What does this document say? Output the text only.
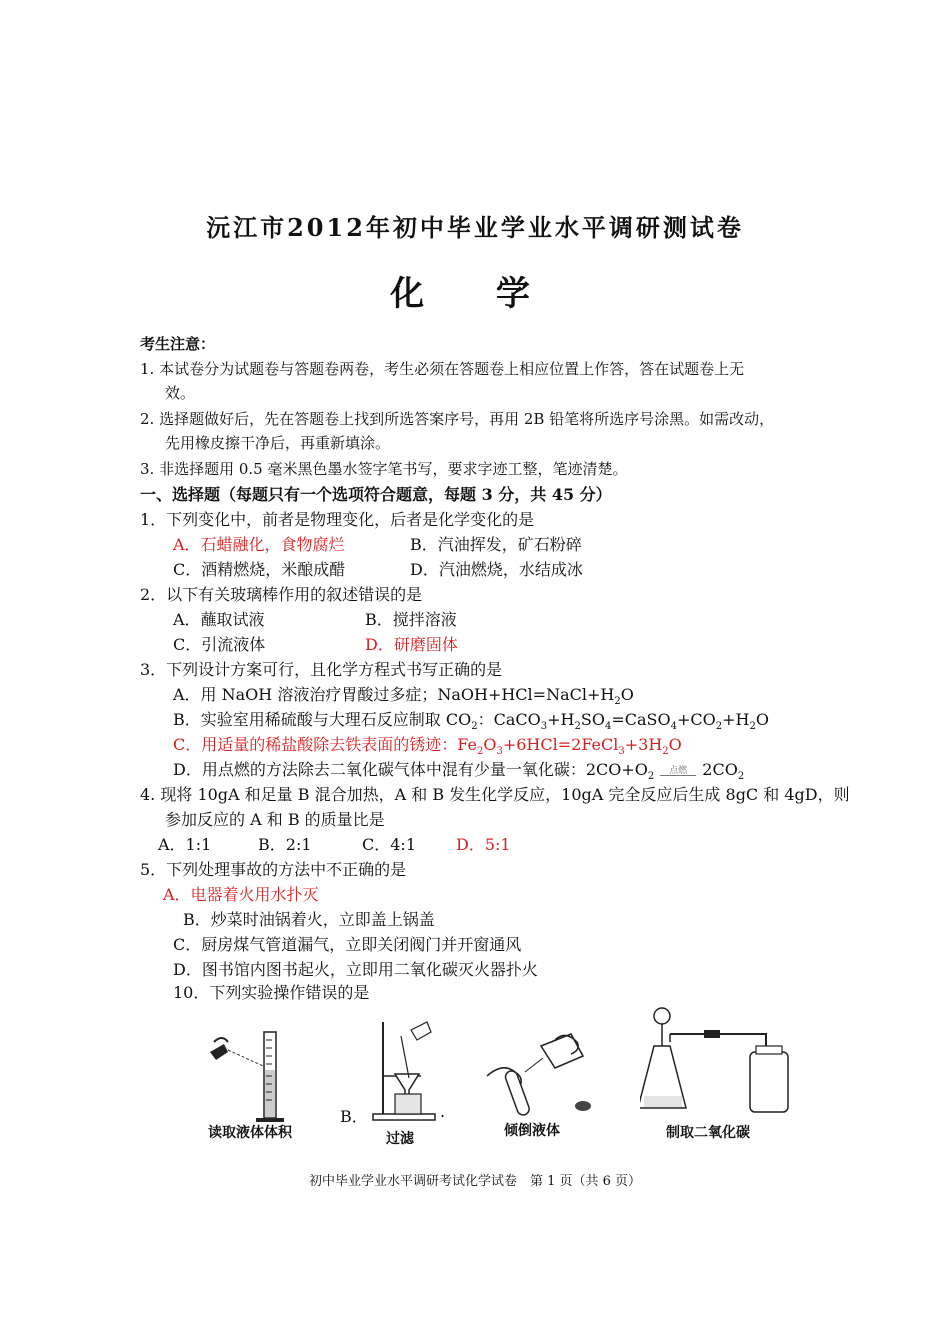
沅江市2012年初中毕业学业水平调研测试卷
化 学
考生注意：
1. 本试卷分为试题卷与答题卷两卷，考生必须在答题卷上相应位置上作答，答在试题卷上无
效。
2. 选择题做好后，先在答题卷上找到所选答案序号，再用 2B 铅笔将所选序号涂黑。如需改动，
先用橡皮擦干净后，再重新填涂。
3. 非选择题用 0.5 毫米黑色墨水签字笔书写，要求字迹工整，笔迹清楚。
一、选择题（每题只有一个选项符合题意，每题 3 分，共 45 分）
1．下列变化中，前者是物理变化，后者是化学变化的是
A．石蜡融化，食物腐烂	B．汽油挥发，矿石粉碎
C．酒精燃烧，米酿成醋	D．汽油燃烧，水结成冰
2．以下有关玻璃棒作用的叙述错误的是
A．蘸取试液	B．搅拌溶液
C．引流液体	D．研磨固体
3．下列设计方案可行，且化学方程式书写正确的是
A．用 NaOH 溶液治疗胃酸过多症；$NaOH+HCl=NaCl+H_2O$
B．实验室用稀硫酸与大理石反应制取 $CO_2$：$CaCO_3+H_2SO_4=CaSO_4+CO_2+H_2O$
C．用适量的稀盐酸除去铁表面的锈迹：$Fe_2O_3+6HCl=2FeCl_3+3H_2O$
D．用点燃的方法除去二氧化碳气体中混有少量一氧化碳：$2CO+O_2$点燃 $2CO_2$
4. 现将 10gA 和足量 B 混合加热，A 和 B 发生化学反应，10gA 完全反应后生成 8gC 和 4gD，则
参加反应的 A 和 B 的质量比是
A．1:1	B．2:1	C．4:1	D．5:1
5．下列处理事故的方法中不正确的是
A．电器着火用水扑灭
B．炒菜时油锅着火，立即盖上锅盖
C．厨房煤气管道漏气，立即关闭阀门并开窗通风
D．图书馆内图书起火，立即用二氧化碳灭火器扑火
10．下列实验操作错误的是
读取液体体积
B．
过滤
.
倾倒液体	制取二氧化碳
初中毕业学业水平调研考试化学试卷　第 1 页（共 6 页）
